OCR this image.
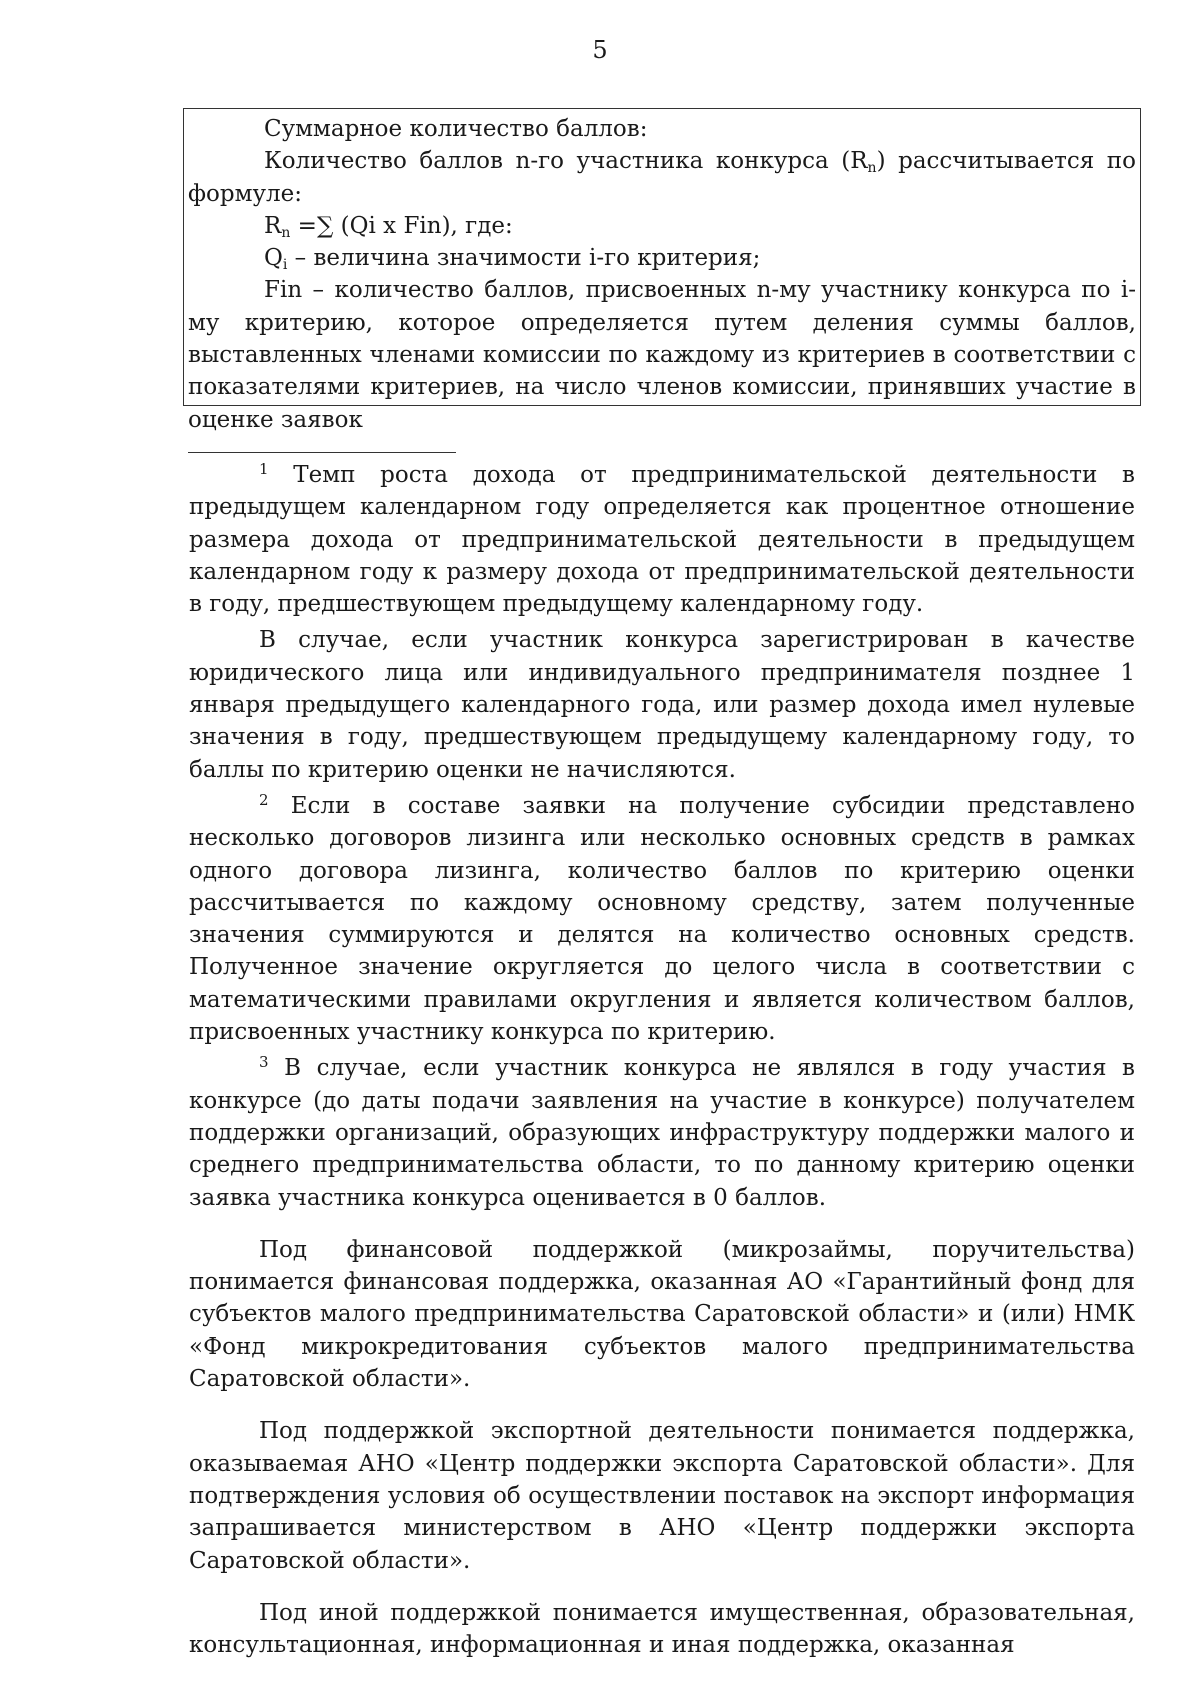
5

Суммарное количество баллов:

Количество баллов n-го участника конкурса $(R_n)$ рассчитывается по формуле:

$R_n$ =∑ (Qi x Fin), где:

$Q_i$ – величина значимости i-го критерия;

Fin – количество баллов, присвоенных n-му участнику конкурса по i-му критерию, которое определяется путем деления суммы баллов, выставленных членами комиссии по каждому из критериев в соответствии с показателями критериев, на число членов комиссии, принявших участие в оценке заявок

$^1$ Темп роста дохода от предпринимательской деятельности в предыдущем календарном году определяется как процентное отношение размера дохода от предпринимательской деятельности в предыдущем календарном году к размеру дохода от предпринимательской деятельности в году, предшествующем предыдущему календарному году.

В случае, если участник конкурса зарегистрирован в качестве юридического лица или индивидуального предпринимателя позднее 1 января предыдущего календарного года, или размер дохода имел нулевые значения в году, предшествующем предыдущему календарному году, то баллы по критерию оценки не начисляются.

$^2$ Если в составе заявки на получение субсидии представлено несколько договоров лизинга или несколько основных средств в рамках одного договора лизинга, количество баллов по критерию оценки рассчитывается по каждому основному средству, затем полученные значения суммируются и делятся на количество основных средств. Полученное значение округляется до целого числа в соответствии с математическими правилами округления и является количеством баллов, присвоенных участнику конкурса по критерию.

$^3$ В случае, если участник конкурса не являлся в году участия в конкурсе (до даты подачи заявления на участие в конкурсе) получателем поддержки организаций, образующих инфраструктуру поддержки малого и среднего предпринимательства области, то по данному критерию оценки заявка участника конкурса оценивается в 0 баллов.

Под финансовой поддержкой (микрозаймы, поручительства) понимается финансовая поддержка, оказанная АО «Гарантийный фонд для субъектов малого предпринимательства Саратовской области» и (или) НМК «Фонд микрокредитования субъектов малого предпринимательства Саратовской области».

Под поддержкой экспортной деятельности понимается поддержка, оказываемая АНО «Центр поддержки экспорта Саратовской области». Для подтверждения условия об осуществлении поставок на экспорт информация запрашивается министерством в АНО «Центр поддержки экспорта Саратовской области».

Под иной поддержкой понимается имущественная, образовательная, консультационная, информационная и иная поддержка, оказанная
